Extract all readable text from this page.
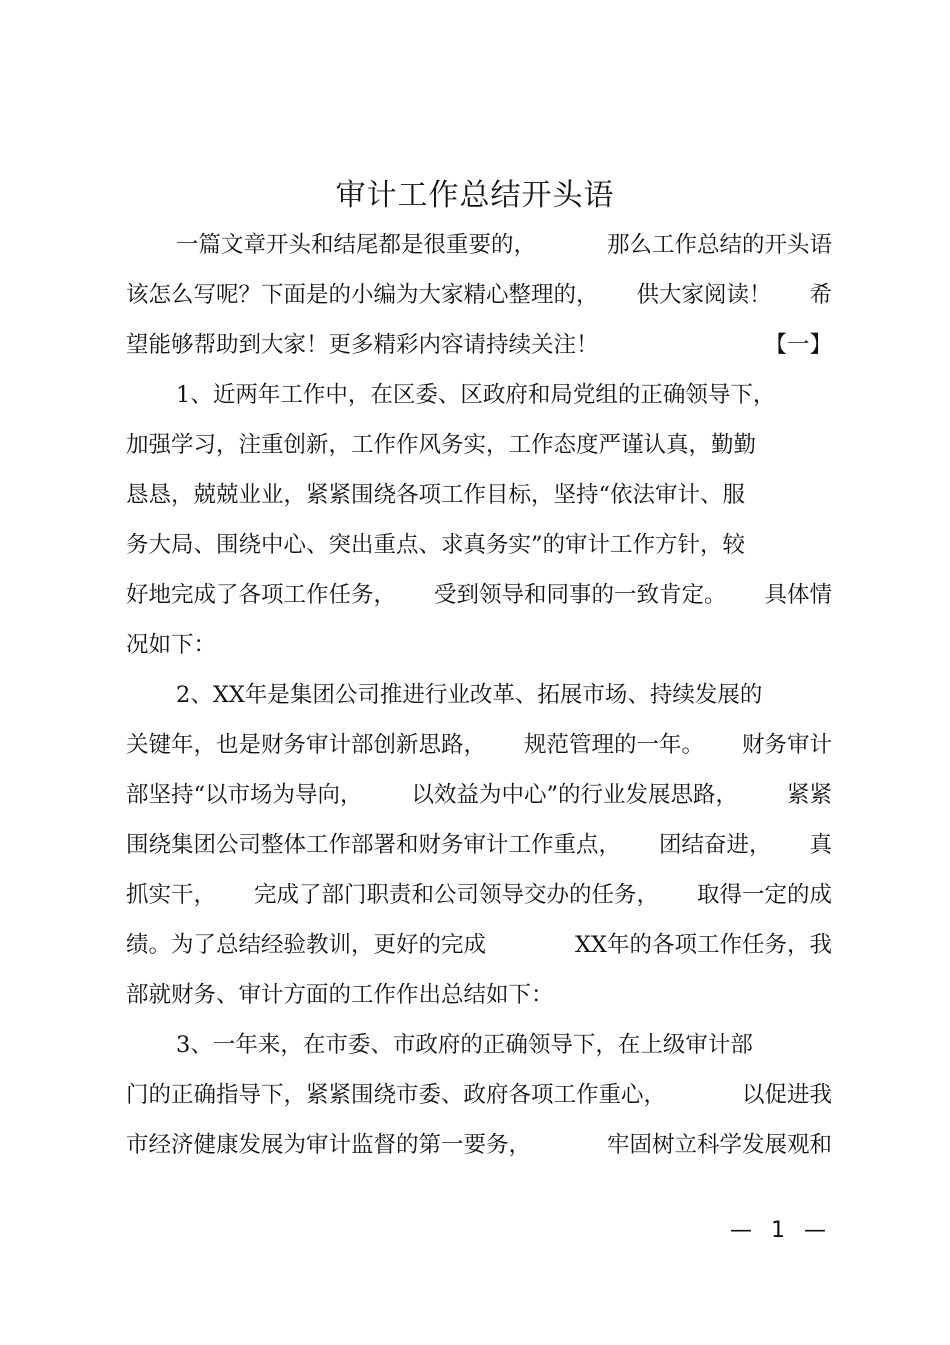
审计工作总结开头语
一篇文章开头和结尾都是很重要的，	那么工作总结的开头语
该怎么写呢？下面是的小编为大家精心整理的， 供大家阅读！ 希
望能够帮助到大家！更多精彩内容请持续关注！	【一】
1、近两年工作中，在区委、区政府和局党组的正确领导下，
加强学习，注重创新，工作作风务实，工作态度严谨认真，勤勤
恳恳，兢兢业业，紧紧围绕各项工作目标，坚持“依法审计、服
务大局、围绕中心、突出重点、求真务实”的审计工作方针，较
好地完成了各项工作任务， 受到领导和同事的一致肯定。 具体情
况如下：
2、XX年是集团公司推进行业改革、拓展市场、持续发展的
关键年，也是财务审计部创新思路， 规范管理的一年。 财务审计
部坚持“以市场为导向， 以效益为中心”的行业发展思路， 紧紧
围绕集团公司整体工作部署和财务审计工作重点， 团结奋进， 真
抓实干， 完成了部门职责和公司领导交办的任务， 取得一定的成
绩。为了总结经验教训，更好的完成	XX年的各项工作任务，我
部就财务、审计方面的工作作出总结如下：
3、一年来，在市委、市政府的正确领导下，在上级审计部
门的正确指导下，紧紧围绕市委、政府各项工作重心，	以促进我
市经济健康发展为审计监督的第一要务，	牢固树立科学发展观和
— 1 —
